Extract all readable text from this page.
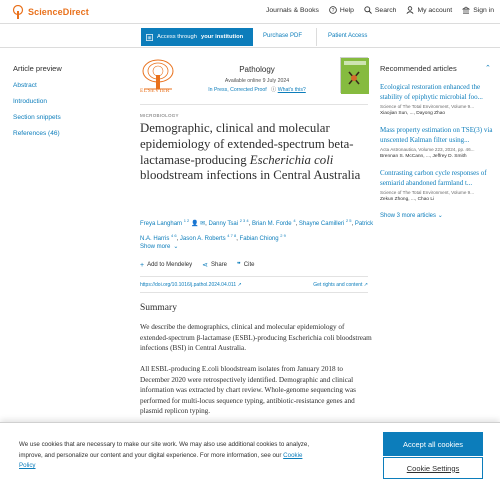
ScienceDirect	Journals & Books	? Help	Search	My account	Sign in
Access through your institution	Purchase PDF	Patient Access
Article preview
Abstract
Introduction
Section snippets
References (46)
ELSEVIER
Pathology
Available online 9 July 2024
In Press, Corrected Proof ⓘ What's this?
MICROBIOLOGY
Demographic, clinical and molecular epidemiology of extended-spectrum beta-lactamase-producing Escherichia coli bloodstream infections in Central Australia
Freya Langham $^{1 2}$ 👤 ✉, Danny Tsai $^{2 3 4}$, Brian M. Forde $^4$, Shayne Camilleri $^{2 5}$, Patrick N.A. Harris $^{4 6}$, Jason A. Roberts $^{4 7 8}$, Fabian Chiong $^{2 9}$
Show more ⌄
+ Add to Mendeley ⋖ Share ❞ Cite
https://doi.org/10.1016/j.pathol.2024.04.011 ↗	Get rights and content ↗
Summary
We describe the demographics, clinical and molecular epidemiology of extended-spectrum β-lactamase (ESBL)-producing Escherichia coli bloodstream infections (BSI) in Central Australia.
All ESBL-producing E.coli bloodstream isolates from January 2018 to December 2020 were retrospectively identified. Demographic and clinical information was extracted by chart review. Whole-genome sequencing was performed for multi-locus sequence typing, antibiotic-resistance genes and plasmid replicon typing.
⌃
Recommended articles
Ecological restoration enhanced the stability of epiphytic microbial foo...
Science of The Total Environment, Volume 9...
Xiaojian Sun, ..., Dayong Zhao
Mass property estimation on TSE(3) via unscented Kalman filter using...
Acta Astronautica, Volume 223, 2024, pp. 46...
Brennan S. McCann, ..., Jeffrey D. Smith
Contrasting carbon cycle responses of semiarid abandoned farmland t...
Science of The Total Environment, Volume 9...
Zekun Zhong, ..., Chao Li
Show 3 more articles ⌄
We use cookies that are necessary to make our site work. We may also use additional cookies to analyze, improve, and personalize our content and your digital experience. For more information, see our Cookie Policy
Accept all cookies
Cookie Settings
